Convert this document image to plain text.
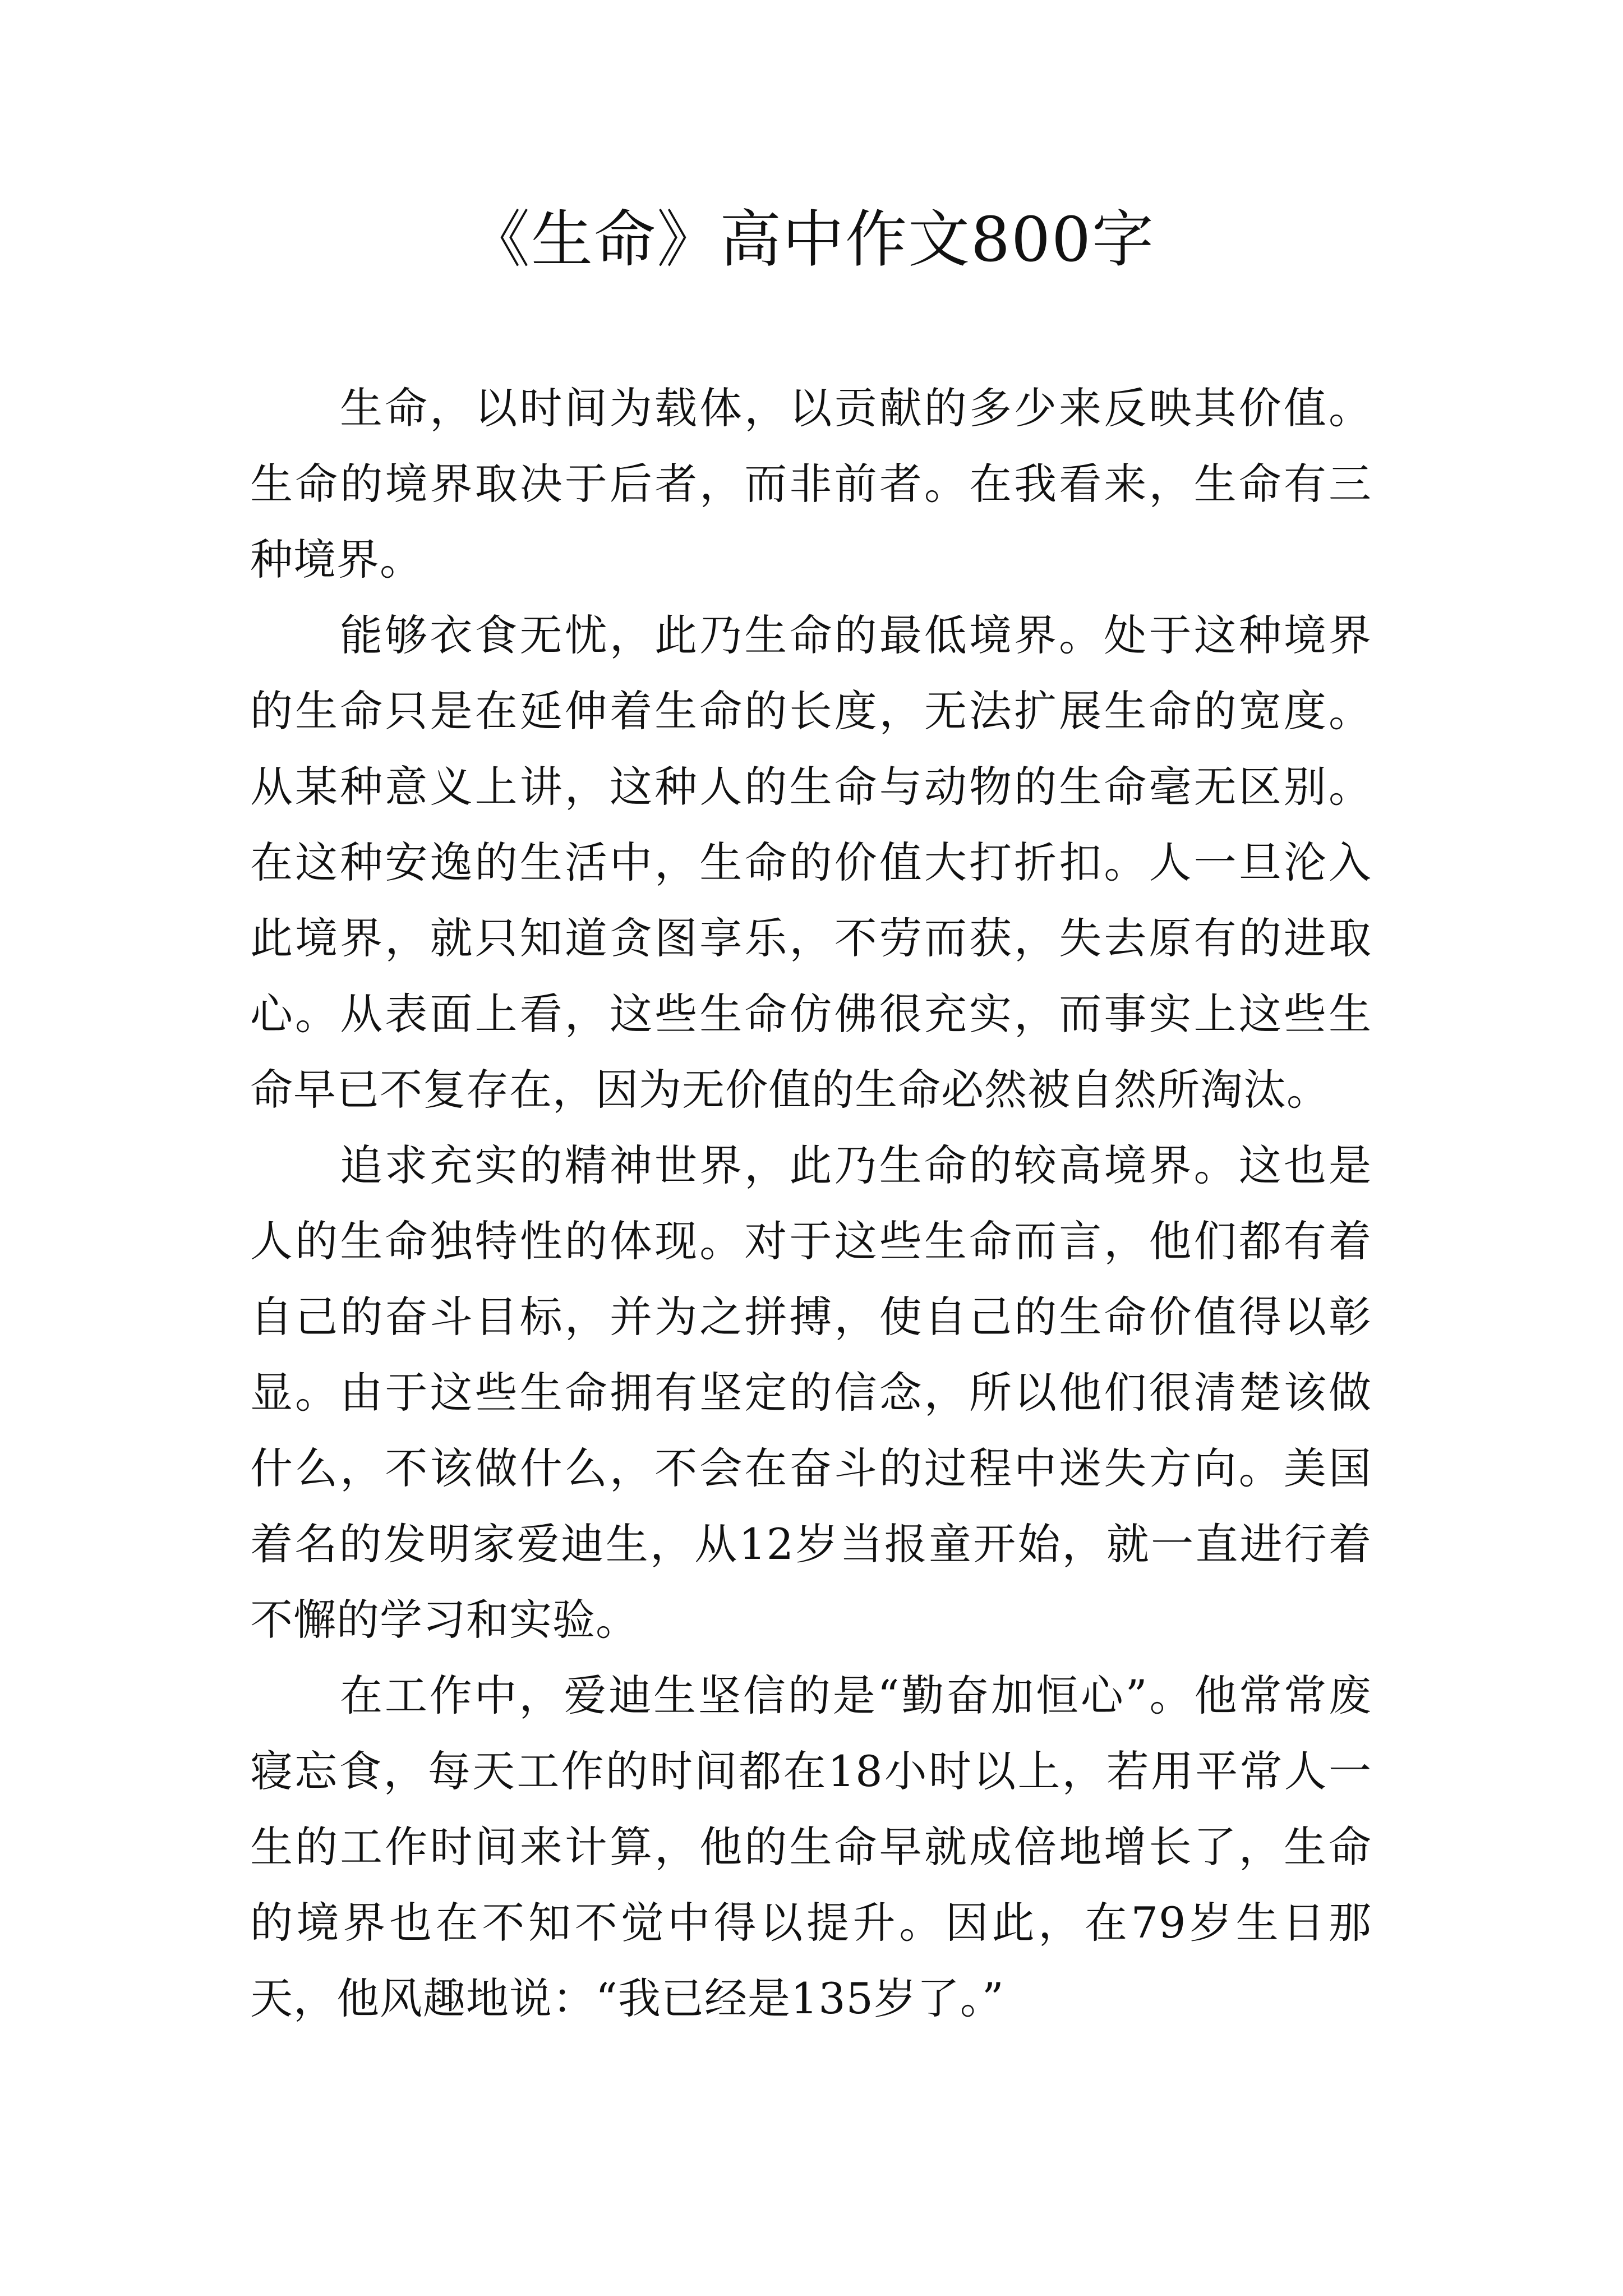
《生命》高中作文800字

生命，以时间为载体，以贡献的多少来反映其价值。生命的境界取决于后者，而非前者。在我看来，生命有三种境界。

能够衣食无忧，此乃生命的最低境界。处于这种境界的生命只是在延伸着生命的长度，无法扩展生命的宽度。从某种意义上讲，这种人的生命与动物的生命毫无区别。在这种安逸的生活中，生命的价值大打折扣。人一旦沦入此境界，就只知道贪图享乐，不劳而获，失去原有的进取心。从表面上看，这些生命仿佛很充实，而事实上这些生命早已不复存在，因为无价值的生命必然被自然所淘汰。

追求充实的精神世界，此乃生命的较高境界。这也是人的生命独特性的体现。对于这些生命而言，他们都有着自己的奋斗目标，并为之拼搏，使自己的生命价值得以彰显。由于这些生命拥有坚定的信念，所以他们很清楚该做什么，不该做什么，不会在奋斗的过程中迷失方向。美国着名的发明家爱迪生，从12岁当报童开始，就一直进行着不懈的学习和实验。

在工作中，爱迪生坚信的是“勤奋加恒心”。他常常废寝忘食，每天工作的时间都在18小时以上，若用平常人一生的工作时间来计算，他的生命早就成倍地增长了，生命的境界也在不知不觉中得以提升。因此，在79岁生日那天，他风趣地说：“我已经是135岁了。”
